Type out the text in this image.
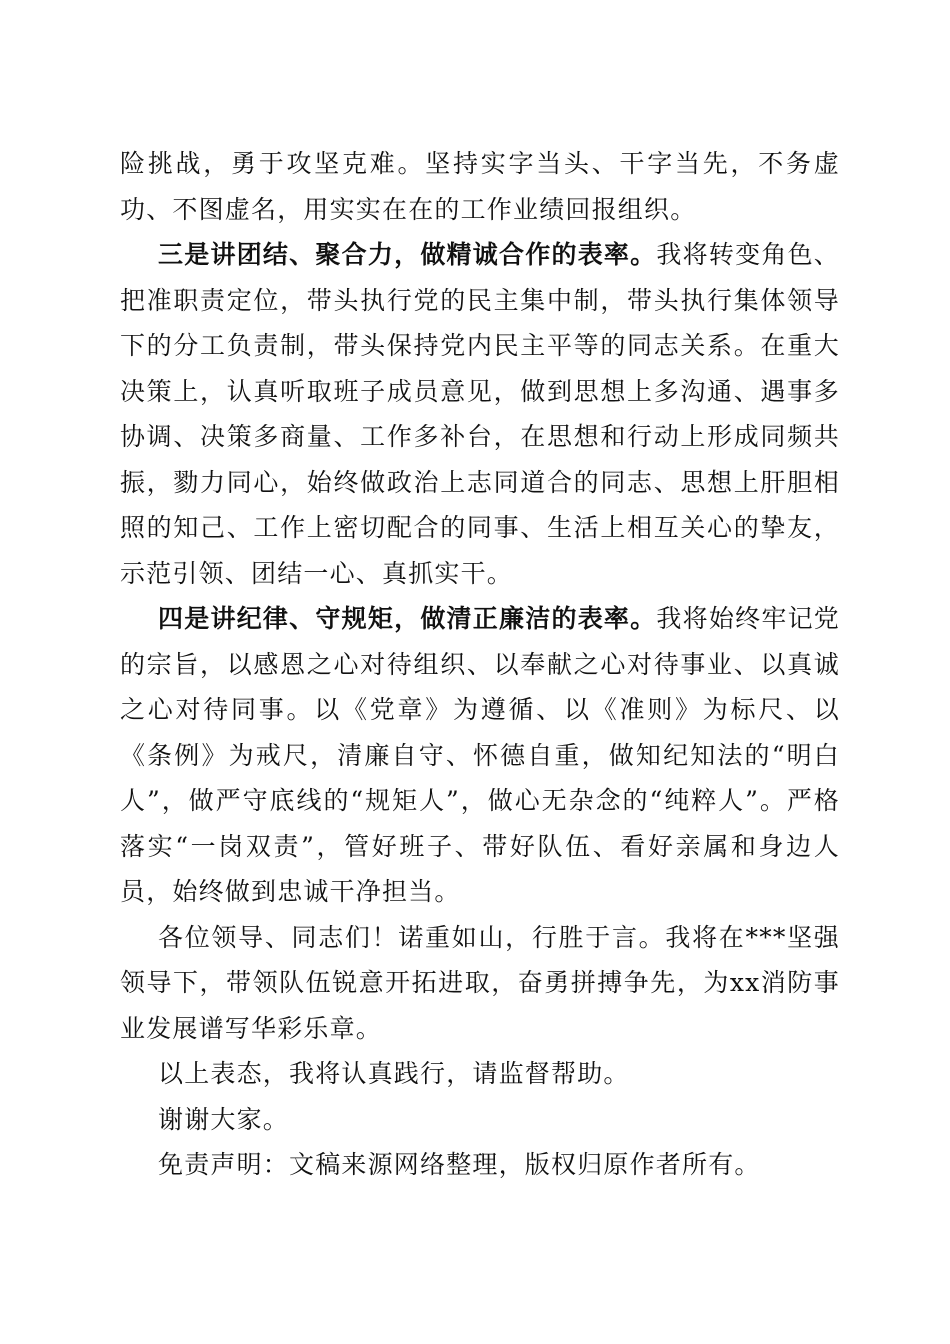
险挑战，勇于攻坚克难。坚持实字当头、干字当先，不务虚功、不图虚名，用实实在在的工作业绩回报组织。

三是讲团结、聚合力，做精诚合作的表率。我将转变角色、把准职责定位，带头执行党的民主集中制，带头执行集体领导下的分工负责制，带头保持党内民主平等的同志关系。在重大决策上，认真听取班子成员意见，做到思想上多沟通、遇事多协调、决策多商量、工作多补台，在思想和行动上形成同频共振，勠力同心，始终做政治上志同道合的同志、思想上肝胆相照的知己、工作上密切配合的同事、生活上相互关心的挚友，示范引领、团结一心、真抓实干。

四是讲纪律、守规矩，做清正廉洁的表率。我将始终牢记党的宗旨，以感恩之心对待组织、以奉献之心对待事业、以真诚之心对待同事。以《党章》为遵循、以《准则》为标尺、以《条例》为戒尺，清廉自守、怀德自重，做知纪知法的“明白人”，做严守底线的“规矩人”，做心无杂念的“纯粹人”。严格落实“一岗双责”，管好班子、带好队伍、看好亲属和身边人员，始终做到忠诚干净担当。

各位领导、同志们！诺重如山，行胜于言。我将在***坚强领导下，带领队伍锐意开拓进取，奋勇拼搏争先，为xx消防事业发展谱写华彩乐章。

以上表态，我将认真践行，请监督帮助。

谢谢大家。

免责声明：文稿来源网络整理，版权归原作者所有。
